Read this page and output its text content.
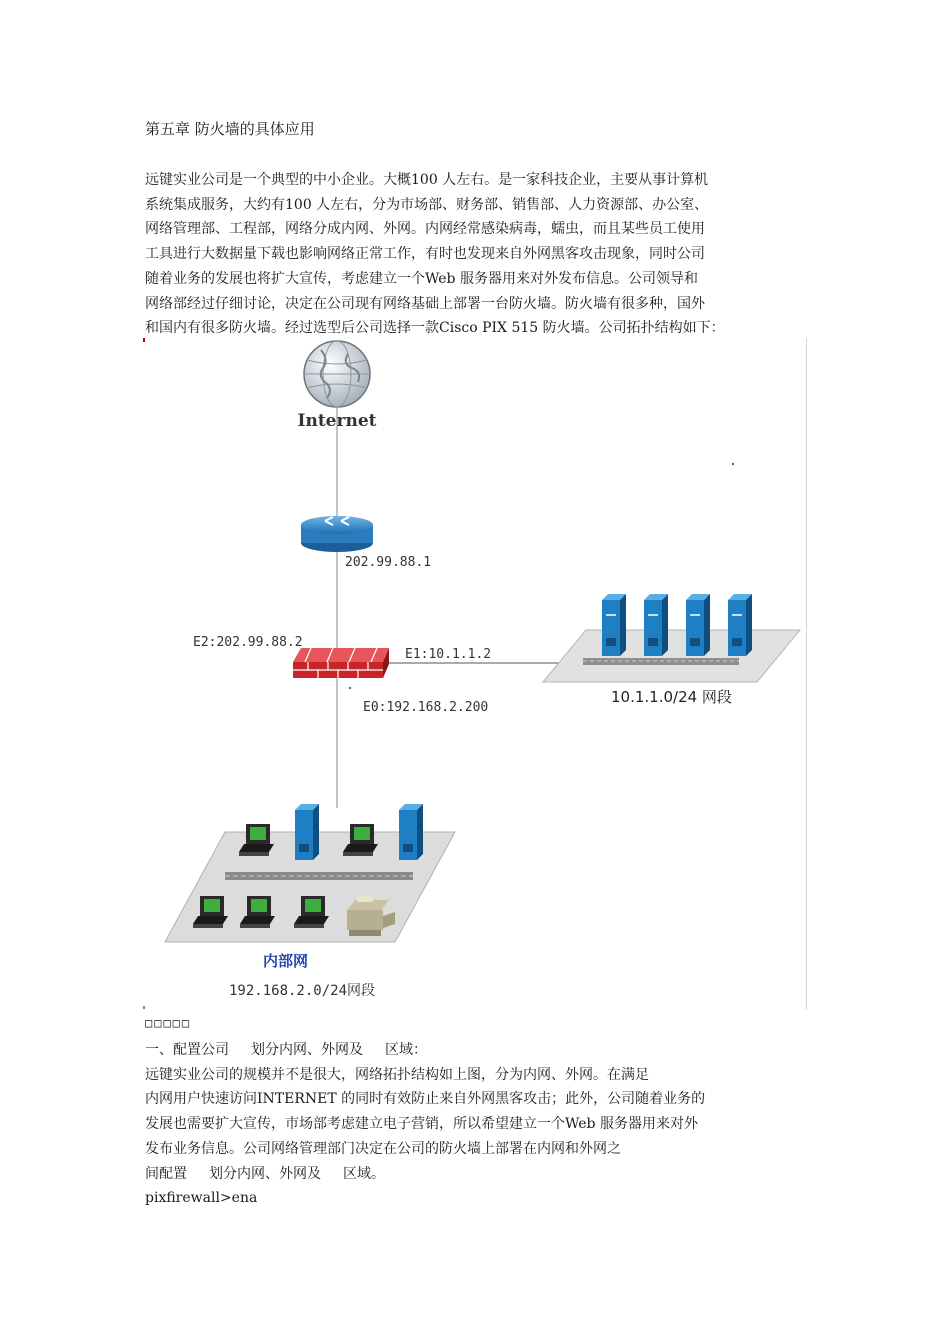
第五章 防火墙的具体应用
远键实业公司是一个典型的中小企业。大概100 人左右。是一家科技企业，主要从事计算机
系统集成服务，大约有100 人左右，分为市场部、财务部、销售部、人力资源部、办公室、
网络管理部、工程部，网络分成内网、外网。内网经常感染病毒，蠕虫，而且某些员工使用
工具进行大数据量下载也影响网络正常工作，有时也发现来自外网黑客攻击现象，同时公司
随着业务的发展也将扩大宣传，考虑建立一个Web 服务器用来对外发布信息。公司领导和
网络部经过仔细讨论，决定在公司现有网络基础上部署一台防火墙。防火墙有很多种，国外
和国内有很多防火墙。经过选型后公司选择一款Cisco PIX 515 防火墙。公司拓扑结构如下：
Internet
202.99.88.1
E2:202.99.88.2
E1:10.1.1.2
E0:192.168.2.200
10.1.1.0/24 网段
内部网
192.168.2.0/24网段
□□□□□
一、配置公司 划分内网、外网及 区域：
远键实业公司的规模并不是很大，网络拓扑结构如上图，分为内网、外网。在满足
内网用户快速访问INTERNET 的同时有效防止来自外网黑客攻击；此外，公司随着业务的
发展也需要扩大宣传，市场部考虑建立电子营销，所以希望建立一个Web 服务器用来对外
发布业务信息。公司网络管理部门决定在公司的防火墙上部署在内网和外网之
间配置 划分内网、外网及 区域。
pixfirewall>ena
